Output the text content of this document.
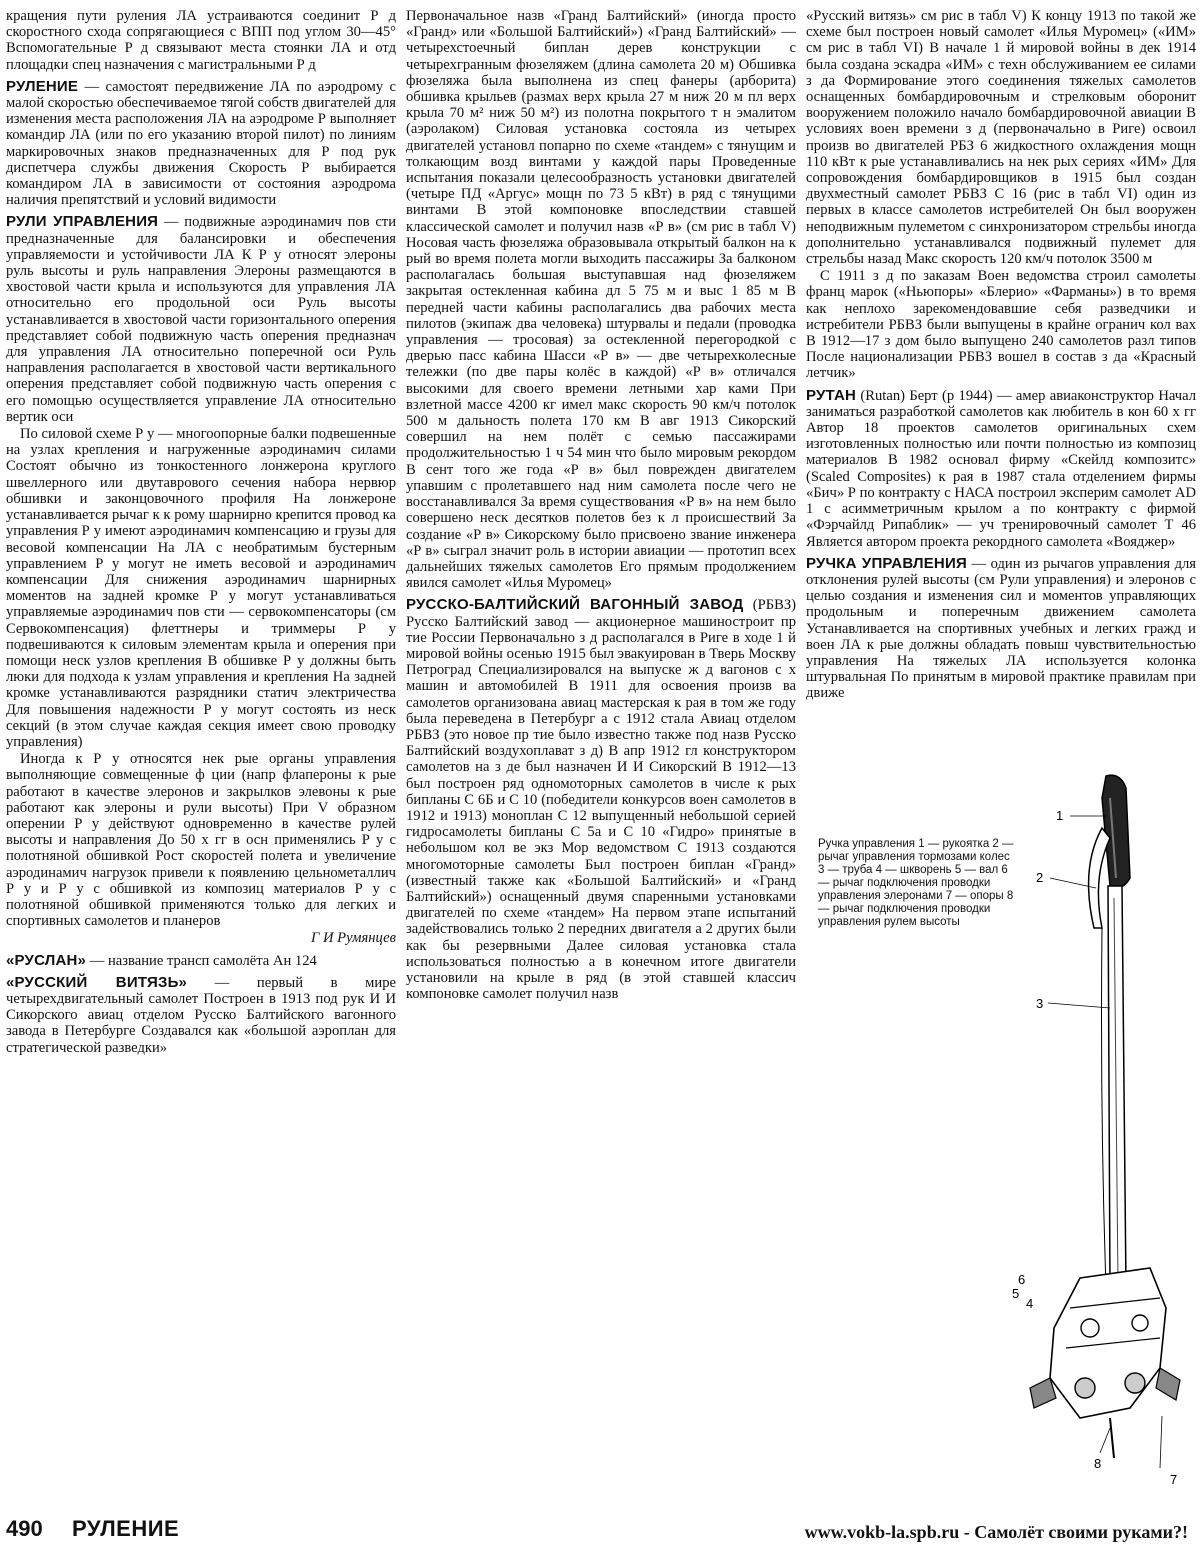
кращения пути руления ЛА устраиваются соединит Р д скоростного схода сопрягающиеся с ВПП под углом 30—45° Вспомогательные Р д связывают места стоянки ЛА и отд площадки спец назначения с магистральными Р д

РУЛЕНИЕ — самостоят передвижение ЛА по аэродрому с малой скоростью обеспечиваемое тягой собств двигателей для изменения места расположения ЛА на аэродроме Р выполняет командир ЛА (или по его указанию второй пилот) по линиям маркировочных знаков предназначенных для Р под рук диспетчера службы движения Скорость Р выбирается командиром ЛА в зависимости от состояния аэродрома наличия препятствий и условий видимости

РУЛИ УПРАВЛЕНИЯ — подвижные аэродинамич пов сти предназначенные для балансировки и обеспечения управляемости и устойчивости ЛА К Р у относят элероны руль высоты и руль направления Элероны размещаются в хвостовой части крыла и используются для управления ЛА относительно его продольной оси Руль высоты устанавливается в хвостовой части горизонтального оперения представляет собой подвижную часть оперения предназнач для управления ЛА относительно поперечной оси Руль направления располагается в хвостовой части вертикального оперения представляет собой подвижную часть оперения с его помощью осуществляется управление ЛА относительно вертик оси

По силовой схеме Р у — многоопорные балки подвешенные на узлах крепления и нагруженные аэродинамич силами Состоят обычно из тонкостенного лонжерона круглого швеллерного или двутаврового сечения набора нервюр обшивки и законцовочного профиля На лонжероне устанавливается рычаг к к рому шарнирно крепится провод ка управления Р у имеют аэродинамич компенсацию и грузы для весовой компенсации На ЛА с необратимым бустерным управлением Р у могут не иметь весовой и аэродинамич компенсации Для снижения аэродинамич шарнирных моментов на задней кромке Р у могут устанавливаться управляемые аэродинамич пов сти — сервокомпенсаторы (см Сервокомпенсация) флеттнеры и триммеры Р у подвешиваются к силовым элементам крыла и оперения при помощи неск узлов крепления В обшивке Р у должны быть люки для подхода к узлам управления и крепления На задней кромке устанавливаются разрядники статич электричества Для повышения надежности Р у могут состоять из неск секций (в этом случае каждая секция имеет свою проводку управления)

Иногда к Р у относятся нек рые органы управления выполняющие совмещенные ф ции (напр флапероны к рые работают в качестве элеронов и закрылков элевоны к рые работают как элероны и рули высоты) При V образном оперении Р у действуют одновременно в качестве рулей высоты и направления До 50 х гг в осн применялись Р у с полотняной обшивкой Рост скоростей полета и увеличение аэродинамич нагрузок привели к появлению цельнометаллич Р у и Р у с обшивкой из композиц материалов Р у с полотняной обшивкой применяются только для легких и спортивных самолетов и планеров

Г И Румянцев

«РУСЛАН» — название трансп самолёта Ан 124

«РУССКИЙ ВИТЯЗЬ» — первый в мире четырехдвигательный самолет Построен в 1913 под рук И И Сикорского авиац отделом Русско Балтийского вагонного завода в Петербурге Создавался как «большой аэроплан для стратегической разведки»

Первоначальное назв «Гранд Балтийский» (иногда просто «Гранд» или «Большой Балтийский») «Гранд Балтийский» — четырехстоечный биплан дерев конструкции с четырехгранным фюзеляжем (длина самолета 20 м) Обшивка фюзеляжа была выполнена из спец фанеры (арборита) обшивка крыльев (размах верх крыла 27 м ниж 20 м пл верх крыла 70 м² ниж 50 м²) из полотна покрытого т н эмалитом (аэролаком) Силовая установка состояла из четырех двигателей установл попарно по схеме «тандем» с тянущим и толкающим возд винтами у каждой пары Проведенные испытания показали целесообразность установки двигателей (четыре ПД «Аргус» мощн по 73 5 кВт) в ряд с тянущими винтами В этой компоновке впоследствии ставшей классической самолет и получил назв «Р в» (см рис в табл V) Носовая часть фюзеляжа образовывала открытый балкон на к рый во время полета могли выходить пассажиры За балконом располагалась большая выступавшая над фюзеляжем закрытая остекленная кабина дл 5 75 м и выс 1 85 м В передней части кабины располагались два рабочих места пилотов (экипаж два человека) штурвалы и педали (проводка управления — тросовая) за остекленной перегородкой с дверью пасс кабина Шасси «Р в» — две четырехколесные тележки (по две пары колёс в каждой) «Р в» отличался высокими для своего времени летными хар ками При взлетной массе 4200 кг имел макс скорость 90 км/ч потолок 500 м дальность полета 170 км В авг 1913 Сикорский совершил на нем полёт с семью пассажирами продолжительностью 1 ч 54 мин что было мировым рекордом В сент того же года «Р в» был поврежден двигателем упавшим с пролетавшего над ним самолета после чего не восстанавливался За время существования «Р в» на нем было совершено неск десятков полетов без к л происшествий За создание «Р в» Сикорскому было присвоено звание инженера «Р в» сыграл значит роль в истории авиации — прототип всех дальнейших тяжелых самолетов Его прямым продолжением явился самолет «Илья Муромец»

РУССКО-БАЛТИЙСКИЙ ВАГОННЫЙ ЗАВОД (РБВЗ) Русско Балтийский завод — акционерное машиностроит пр тие России Первоначально з д располагался в Риге в ходе 1 й мировой войны осенью 1915 был эвакуирован в Тверь Москву Петроград Специализировался на выпуске ж д вагонов с х машин и автомобилей В 1911 для освоения произв ва самолетов организована авиац мастерская к рая в том же году была переведена в Петербург а с 1912 стала Авиац отделом РБВЗ (это новое пр тие было известно также под назв Русско Балтийский воздухоплават з д) В апр 1912 гл конструктором самолетов на з де был назначен И И Сикорский В 1912—13 был построен ряд одномоторных самолетов в числе к рых бипланы С 6Б и С 10 (победители конкурсов воен самолетов в 1912 и 1913) моноплан С 12 выпущенный небольшой серией гидросамолеты бипланы С 5а и С 10 «Гидро» принятые в небольшом кол ве экз Мор ведомством С 1913 создаются многомоторные самолеты Был построен биплан «Гранд» (известный также как «Большой Балтийский» и «Гранд Балтийский») оснащенный двумя спаренными установками двигателей по схеме «тандем» На первом этапе испытаний задействовались только 2 передних двигателя а 2 других были как бы резервными Далее силовая установка стала использоваться полностью а в конечном итоге двигатели установили на крыле в ряд (в этой ставшей классич компоновке самолет получил назв

«Русский витязь» см рис в табл V) К концу 1913 по такой же схеме был построен новый самолет «Илья Муромец» («ИМ» см рис в табл VI) В начале 1 й мировой войны в дек 1914 была создана эскадра «ИМ» с техн обслуживанием ее силами з да Формирование этого соединения тяжелых самолетов оснащенных бомбардировочным и стрелковым оборонит вооружением положило начало бомбардировочной авиации В условиях воен времени з д (первоначально в Риге) освоил произв во двигателей РБЗ 6 жидкостного охлаждения мощн 110 кВт к рые устанавливались на нек рых сериях «ИМ» Для сопровождения бомбардировщиков в 1915 был создан двухместный самолет РБВЗ С 16 (рис в табл VI) один из первых в классе самолетов истребителей Он был вооружен неподвижным пулеметом с синхронизатором стрельбы иногда дополнительно устанавливался подвижный пулемет для стрельбы назад Макс скорость 120 км/ч потолок 3500 м

С 1911 з д по заказам Воен ведомства строил самолеты франц марок («Ньюпоры» «Блерио» «Фарманы») в то время как неплохо зарекомендовавшие себя разведчики и истребители РБВЗ были выпущены в крайне огранич кол вах В 1912—17 з дом было выпущено 240 самолетов разл типов После национализации РБВЗ вошел в состав з да «Красный летчик»

РУТАН (Rutan) Берт (р 1944) — амер авиаконструктор Начал заниматься разработкой самолетов как любитель в кон 60 х гг Автор 18 проектов самолетов оригинальных схем изготовленных полностью или почти полностью из композиц материалов В 1982 основал фирму «Скейлд композитс» (Scaled Composites) к рая в 1987 стала отделением фирмы «Бич» Р по контракту с НАСА построил эксперим самолет AD 1 с асимметричным крылом а по контракту с фирмой «Фэрчайлд Рипаблик» — уч тренировочный самолет Т 46 Является автором проекта рекордного самолета «Вояджер»

РУЧКА УПРАВЛЕНИЯ — один из рычагов управления для отклонения рулей высоты (см Рули управления) и элеронов с целью создания и изменения сил и моментов управляющих продольным и поперечным движением самолета Устанавливается на спортивных учебных и легких гражд и воен ЛА к рые должны обладать повыш чувствительностью управления На тяжелых ЛА используется колонка штурвальная По принятым в мировой практике правилам при движе

Ручка управления 1 — рукоятка 2 — рычаг управления тормозами колес 3 — труба 4 — шкворень 5 — вал 6 — рычаг подключения проводки управления элеронами 7 — опоры 8 — рычаг подключения проводки управления рулем высоты
1
2
3
4
5
6
7
8
490 РУЛЕНИЕ	www.vokb-la.spb.ru - Самолёт своими руками?!
